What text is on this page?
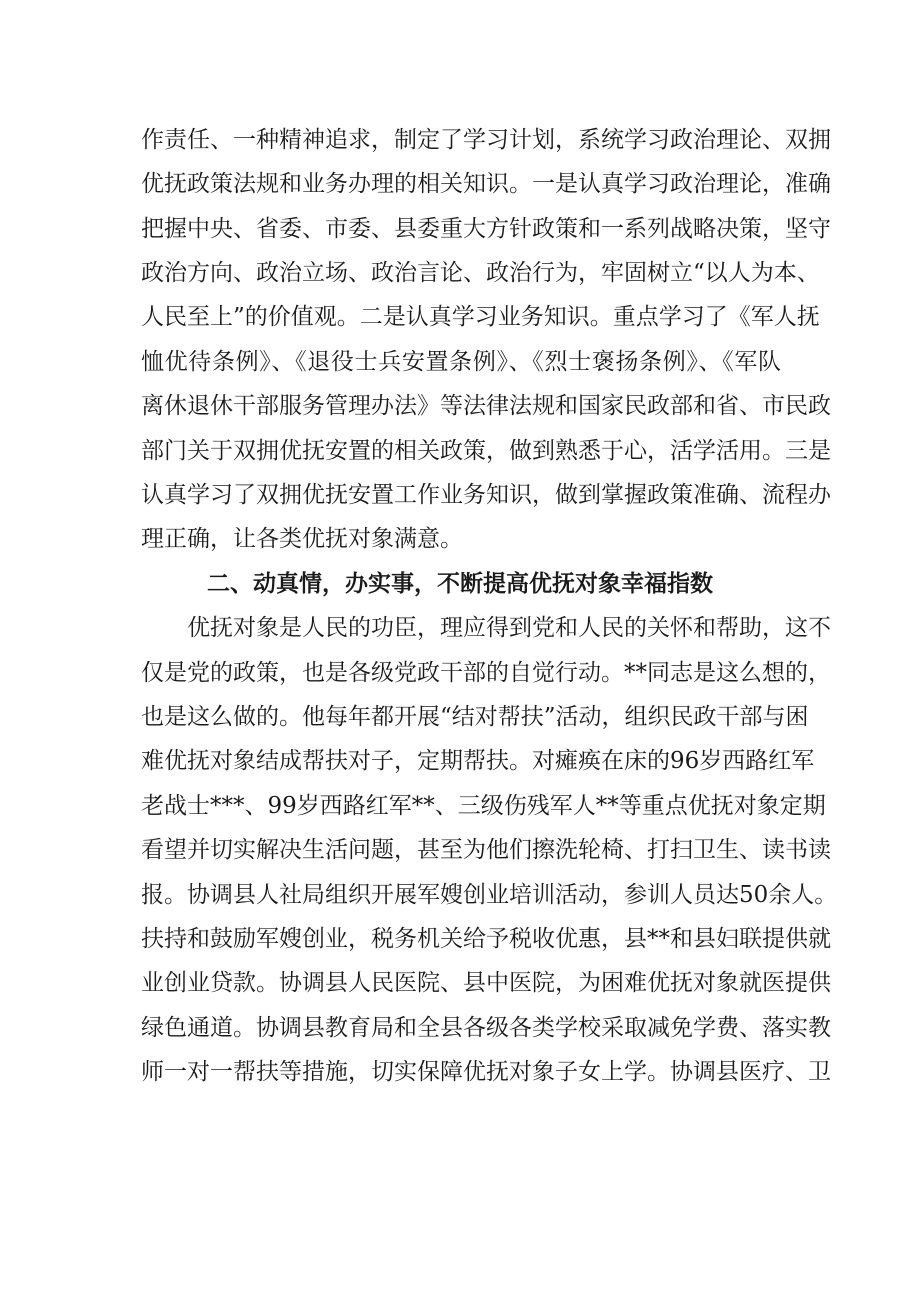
作责任、一种精神追求，制定了学习计划，系统学习政治理论、双拥
优抚政策法规和业务办理的相关知识。一是认真学习政治理论，准确
把握中央、省委、市委、县委重大方针政策和一系列战略决策，坚守
政治方向、政治立场、政治言论、政治行为，牢固树立“以人为本、
人民至上”的价值观。二是认真学习业务知识。重点学习了《军人抚
恤优待条例》、《退役士兵安置条例》、《烈士褒扬条例》、《军队
离休退休干部服务管理办法》等法律法规和国家民政部和省、市民政
部门关于双拥优抚安置的相关政策，做到熟悉于心，活学活用。三是
认真学习了双拥优抚安置工作业务知识，做到掌握政策准确、流程办
理正确，让各类优抚对象满意。
二、动真情，办实事，不断提高优抚对象幸福指数
优抚对象是人民的功臣，理应得到党和人民的关怀和帮助，这不
仅是党的政策，也是各级党政干部的自觉行动。**同志是这么想的，
也是这么做的。他每年都开展“结对帮扶”活动，组织民政干部与困
难优抚对象结成帮扶对子，定期帮扶。对瘫痪在床的96岁西路红军
老战士***、99岁西路红军**、三级伤残军人**等重点优抚对象定期
看望并切实解决生活问题，甚至为他们擦洗轮椅、打扫卫生、读书读
报。协调县人社局组织开展军嫂创业培训活动，参训人员达50余人。
扶持和鼓励军嫂创业，税务机关给予税收优惠，县**和县妇联提供就
业创业贷款。协调县人民医院、县中医院，为困难优抚对象就医提供
绿色通道。协调县教育局和全县各级各类学校采取减免学费、落实教
师一对一帮扶等措施，切实保障优抚对象子女上学。协调县医疗、卫
